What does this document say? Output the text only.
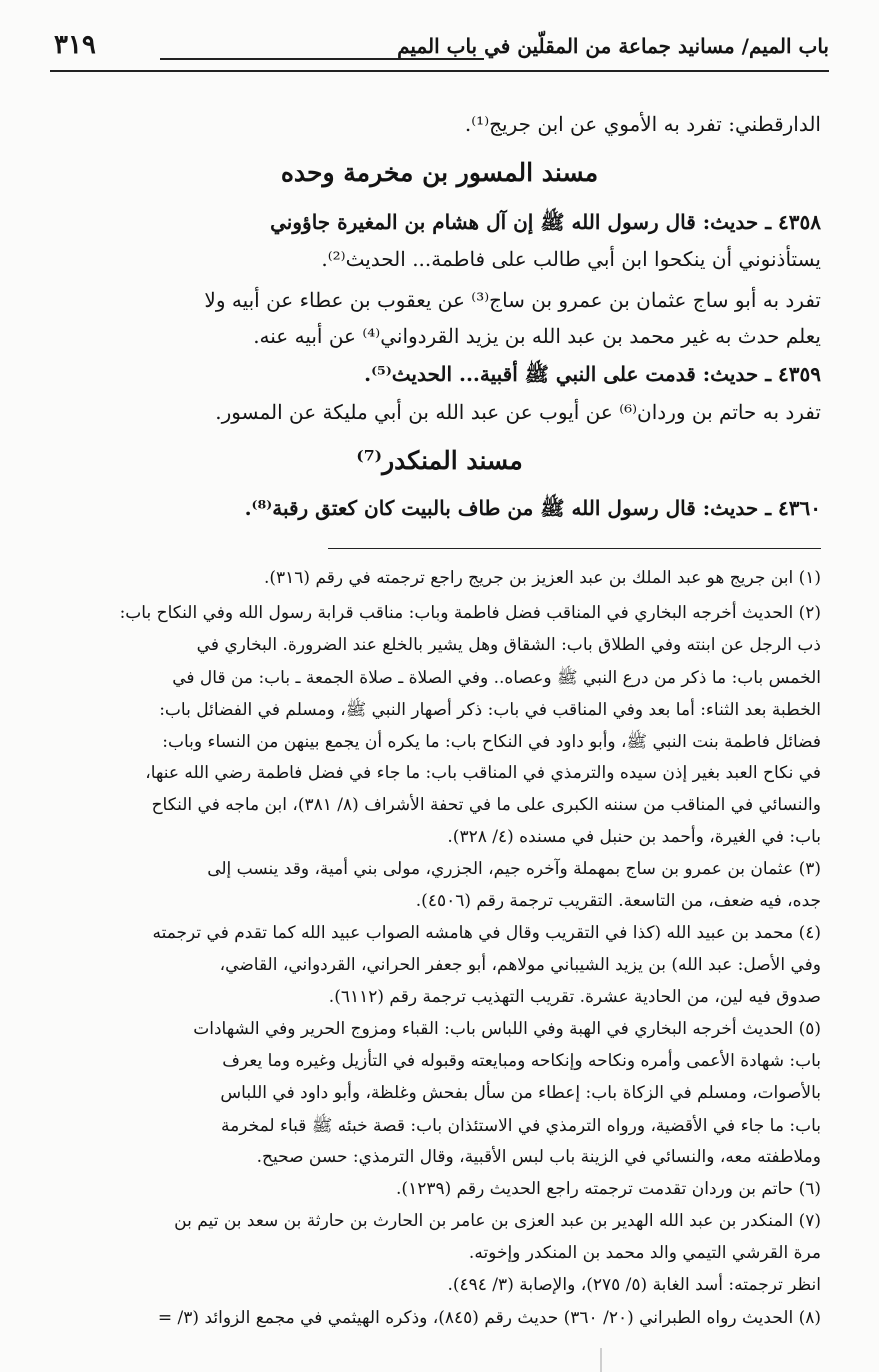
باب الميم/ مسانيد جماعة من المقلّين في باب الميم
٣١٩
الدارقطني: تفرد به الأموي عن ابن جريج⁽¹⁾.
مسند المسور بن مخرمة وحده
٤٣٥٨ ـ حديث: قال رسول الله ﷺ إن آل هشام بن المغيرة جاؤوني
يستأذنوني أن ينكحوا ابن أبي طالب على فاطمة... الحديث⁽²⁾.
تفرد به أبو ساج عثمان بن عمرو بن ساج⁽³⁾ عن يعقوب بن عطاء عن أبيه ولا
يعلم حدث به غير محمد بن عبد الله بن يزيد القردواني⁽⁴⁾ عن أبيه عنه.
٤٣٥٩ ـ حديث: قدمت على النبي ﷺ أقبية... الحديث⁽⁵⁾.
تفرد به حاتم بن وردان⁽⁶⁾ عن أيوب عن عبد الله بن أبي مليكة عن المسور.
مسند المنكدر⁽⁷⁾
٤٣٦٠ ـ حديث: قال رسول الله ﷺ من طاف بالبيت كان كعتق رقبة⁽⁸⁾.
(١) ابن جريج هو عبد الملك بن عبد العزيز بن جريج راجع ترجمته في رقم (٣١٦).
(٢) الحديث أخرجه البخاري في المناقب فضل فاطمة وباب: مناقب قرابة رسول الله وفي النكاح باب:
ذب الرجل عن ابنته وفي الطلاق باب: الشقاق وهل يشير بالخلع عند الضرورة. البخاري في
الخمس باب: ما ذكر من درع النبي ﷺ وعصاه.. وفي الصلاة ـ صلاة الجمعة ـ باب: من قال في
الخطبة بعد الثناء: أما بعد وفي المناقب في باب: ذكر أصهار النبي ﷺ، ومسلم في الفضائل باب:
فضائل فاطمة بنت النبي ﷺ، وأبو داود في النكاح باب: ما يكره أن يجمع بينهن من النساء وباب:
في نكاح العبد بغير إذن سيده والترمذي في المناقب باب: ما جاء في فضل فاطمة رضي الله عنها،
والنسائي في المناقب من سننه الكبرى على ما في تحفة الأشراف (٨/ ٣٨١)، ابن ماجه في النكاح
باب: في الغيرة، وأحمد بن حنبل في مسنده (٤/ ٣٢٨).
(٣) عثمان بن عمرو بن ساج بمهملة وآخره جيم، الجزري، مولى بني أمية، وقد ينسب إلى
جده، فيه ضعف، من التاسعة. التقريب ترجمة رقم (٤٥٠٦).
(٤) محمد بن عبيد الله (كذا في التقريب وقال في هامشه الصواب عبيد الله كما تقدم في ترجمته
وفي الأصل: عبد الله) بن يزيد الشيباني مولاهم، أبو جعفر الحراني، القردواني، القاضي،
صدوق فيه لين، من الحادية عشرة. تقريب التهذيب ترجمة رقم (٦١١٢).
(٥) الحديث أخرجه البخاري في الهبة وفي اللباس باب: القباء ومزوج الحرير وفي الشهادات
باب: شهادة الأعمى وأمره ونكاحه وإنكاحه ومبايعته وقبوله في التأزيل وغيره وما يعرف
بالأصوات، ومسلم في الزكاة باب: إعطاء من سأل بفحش وغلظة، وأبو داود في اللباس
باب: ما جاء في الأقضية، ورواه الترمذي في الاستئذان باب: قصة خبئه ﷺ قباء لمخرمة
وملاطفته معه، والنسائي في الزينة باب لبس الأقبية، وقال الترمذي: حسن صحيح.
(٦) حاتم بن وردان تقدمت ترجمته راجع الحديث رقم (١٢٣٩).
(٧) المنكدر بن عبد الله الهدير بن عبد العزى بن عامر بن الحارث بن حارثة بن سعد بن تيم بن
مرة القرشي التيمي والد محمد بن المنكدر وإخوته.
انظر ترجمته: أسد الغابة (٥/ ٢٧٥)، والإصابة (٣/ ٤٩٤).
(٨) الحديث رواه الطبراني (٢٠/ ٣٦٠) حديث رقم (٨٤٥)، وذكره الهيثمي في مجمع الزوائد (٣/ =
